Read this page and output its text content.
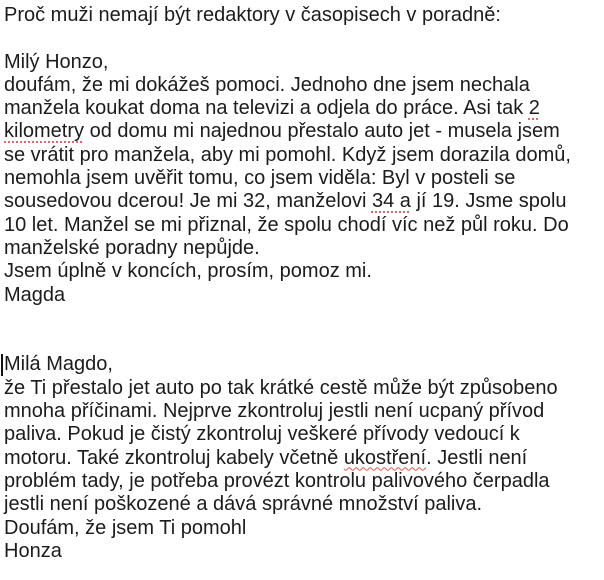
Proč muži nemají být redaktory v časopisech v poradně:
Milý Honzo,
doufám, že mi dokážeš pomoci. Jednoho dne jsem nechala
manžela koukat doma na televizi a odjela do práce. Asi tak 2
kilometry od domu mi najednou přestalo auto jet - musela jsem
se vrátit pro manžela, aby mi pomohl. Když jsem dorazila domů,
nemohla jsem uvěřit tomu, co jsem viděla: Byl v posteli se
sousedovou dcerou! Je mi 32, manželovi 34 a jí 19. Jsme spolu
10 let. Manžel se mi přiznal, že spolu chodí víc než půl roku. Do
manželské poradny nepůjde.
Jsem úplně v koncích, prosím, pomoz mi.
Magda
Milá Magdo,
že Ti přestalo jet auto po tak krátké cestě může být způsobeno
mnoha příčinami. Nejprve zkontroluj jestli není ucpaný přívod
paliva. Pokud je čistý zkontroluj veškeré přívody vedoucí k
motoru. Také zkontroluj kabely včetně ukostření. Jestli není
problém tady, je potřeba provézt kontrolu palivového čerpadla
jestli není poškozené a dává správné množství paliva.
Doufám, že jsem Ti pomohl
Honza
